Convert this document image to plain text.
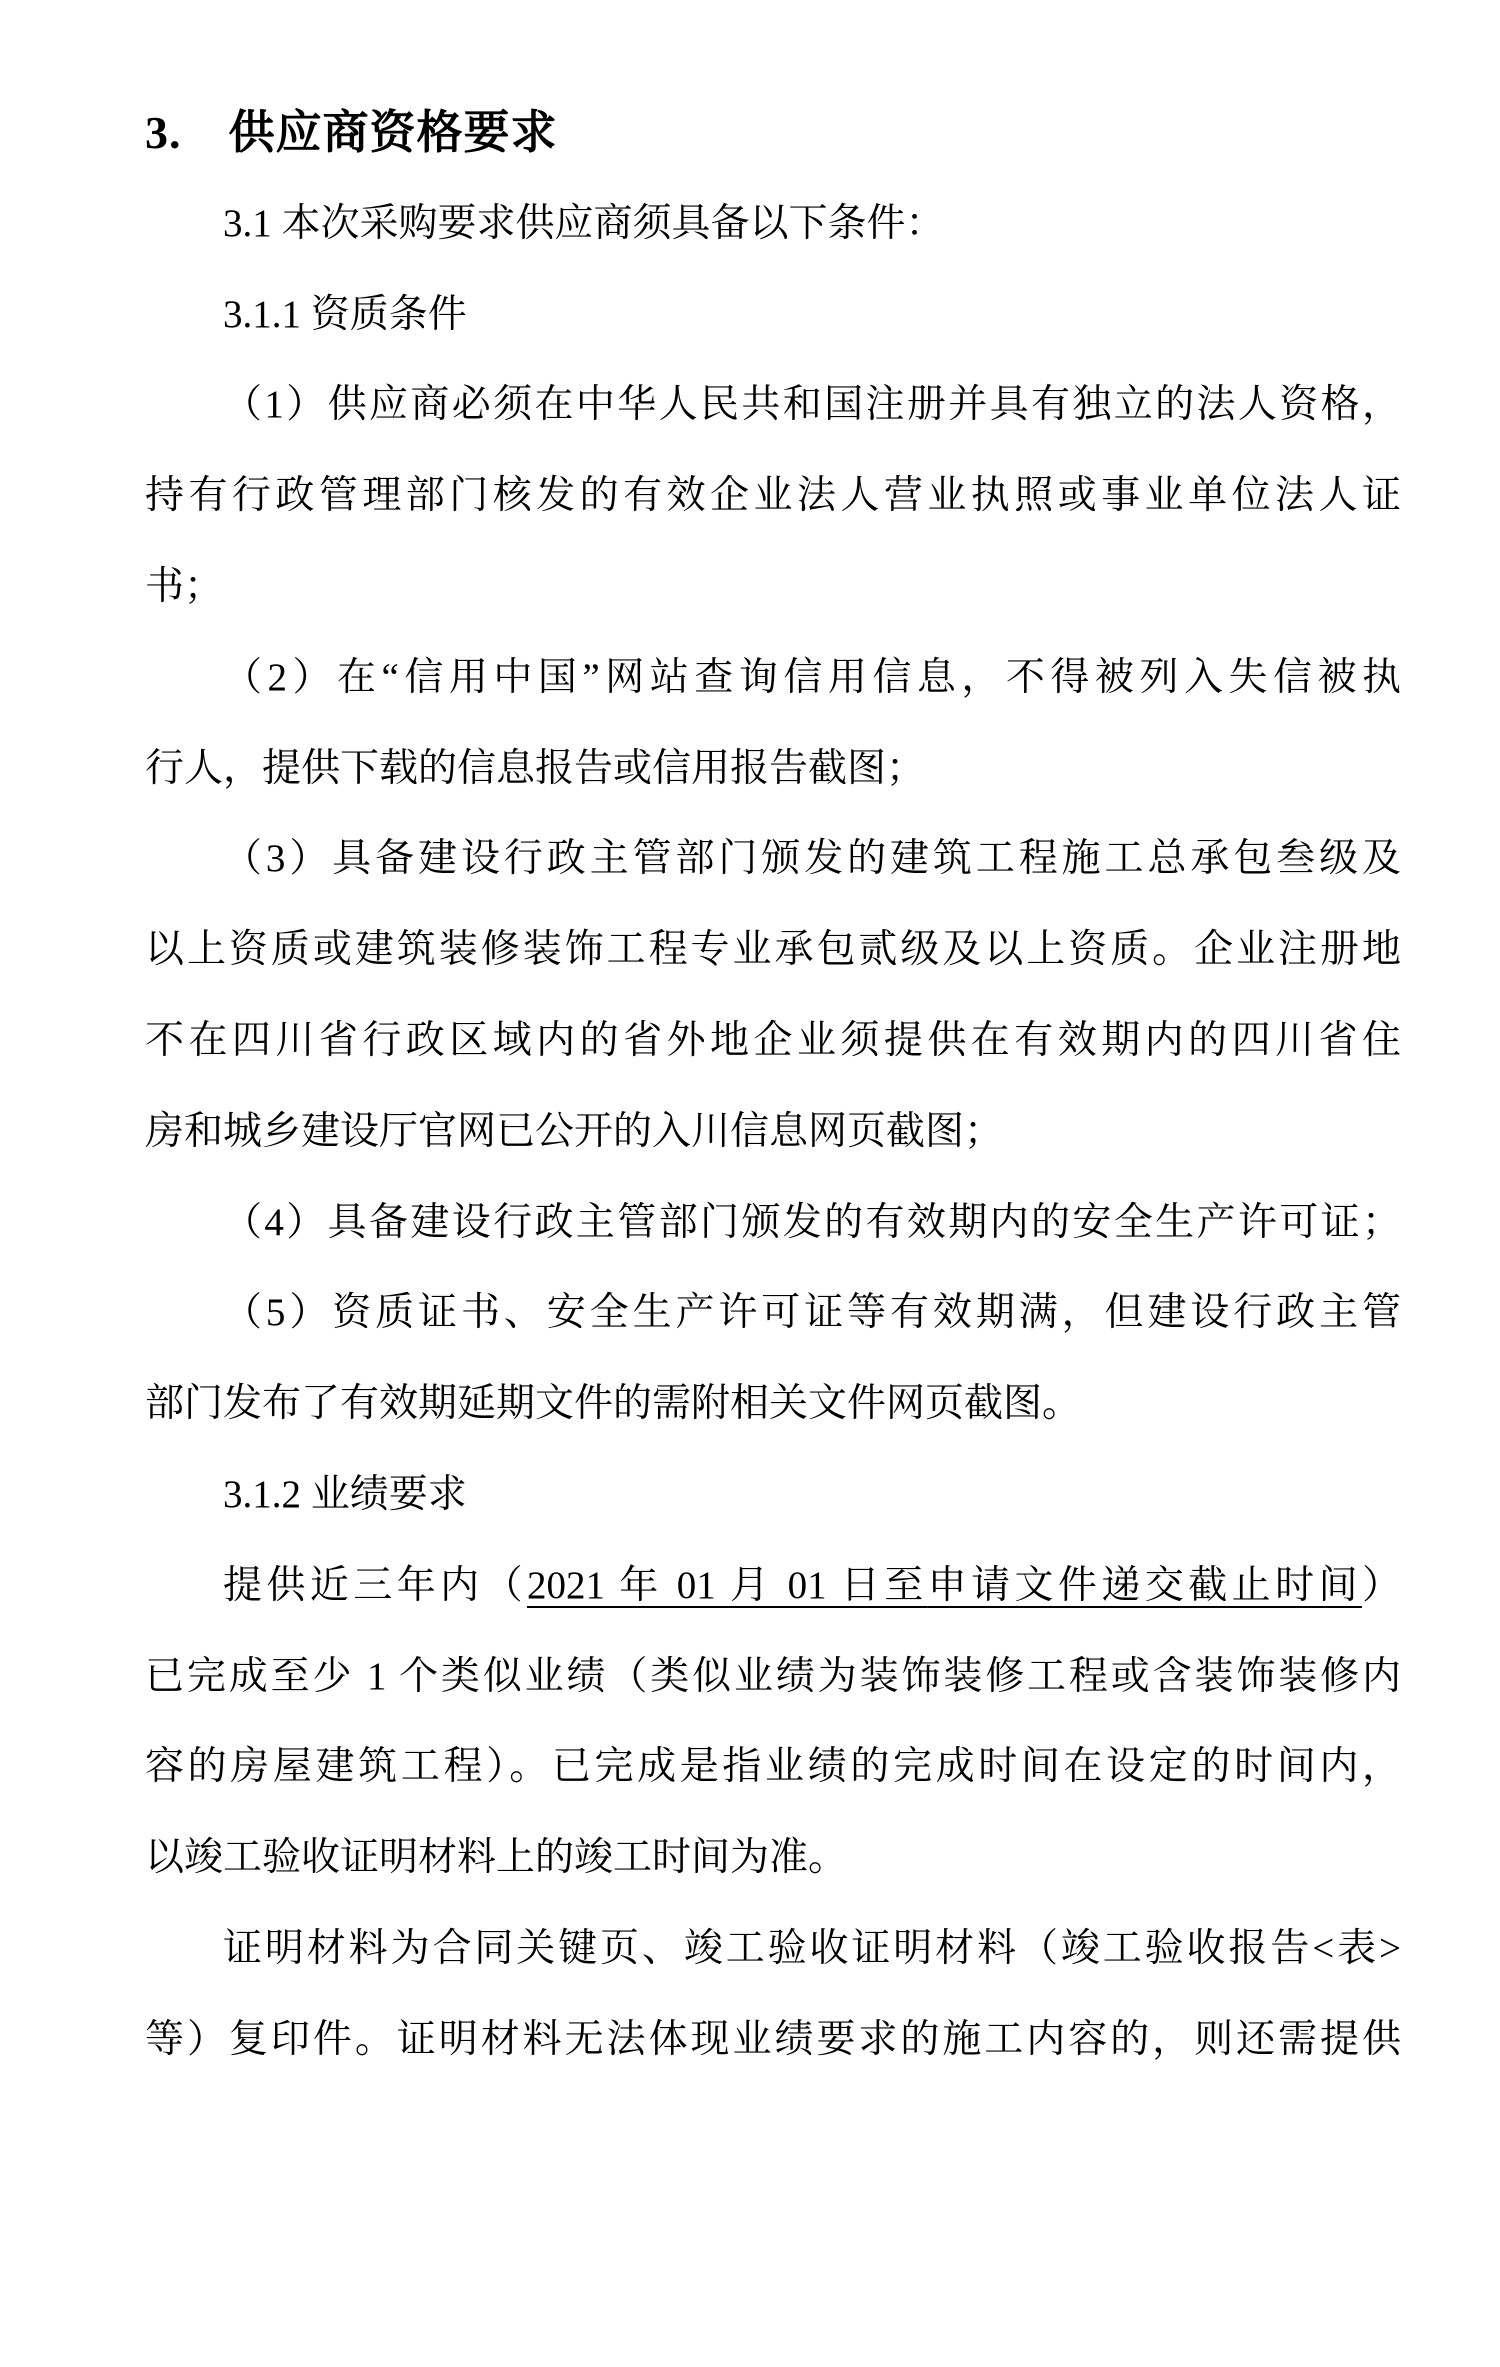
3.　供应商资格要求
3.1 本次采购要求供应商须具备以下条件：
3.1.1 资质条件
（1）供应商必须在中华人民共和国注册并具有独立的法人资格，
持有行政管理部门核发的有效企业法人营业执照或事业单位法人证
书；
（2）在“信用中国”网站查询信用信息，不得被列入失信被执
行人，提供下载的信息报告或信用报告截图；
（3）具备建设行政主管部门颁发的建筑工程施工总承包叁级及
以上资质或建筑装修装饰工程专业承包贰级及以上资质。企业注册地
不在四川省行政区域内的省外地企业须提供在有效期内的四川省住
房和城乡建设厅官网已公开的入川信息网页截图；
（4）具备建设行政主管部门颁发的有效期内的安全生产许可证；
（5）资质证书、安全生产许可证等有效期满，但建设行政主管
部门发布了有效期延期文件的需附相关文件网页截图。
3.1.2 业绩要求
提供近三年内（2021 年 01 月 01 日至申请文件递交截止时间）
已完成至少 1 个类似业绩（类似业绩为装饰装修工程或含装饰装修内
容的房屋建筑工程）。已完成是指业绩的完成时间在设定的时间内，
以竣工验收证明材料上的竣工时间为准。
证明材料为合同关键页、竣工验收证明材料（竣工验收报告<表>
等）复印件。证明材料无法体现业绩要求的施工内容的，则还需提供
